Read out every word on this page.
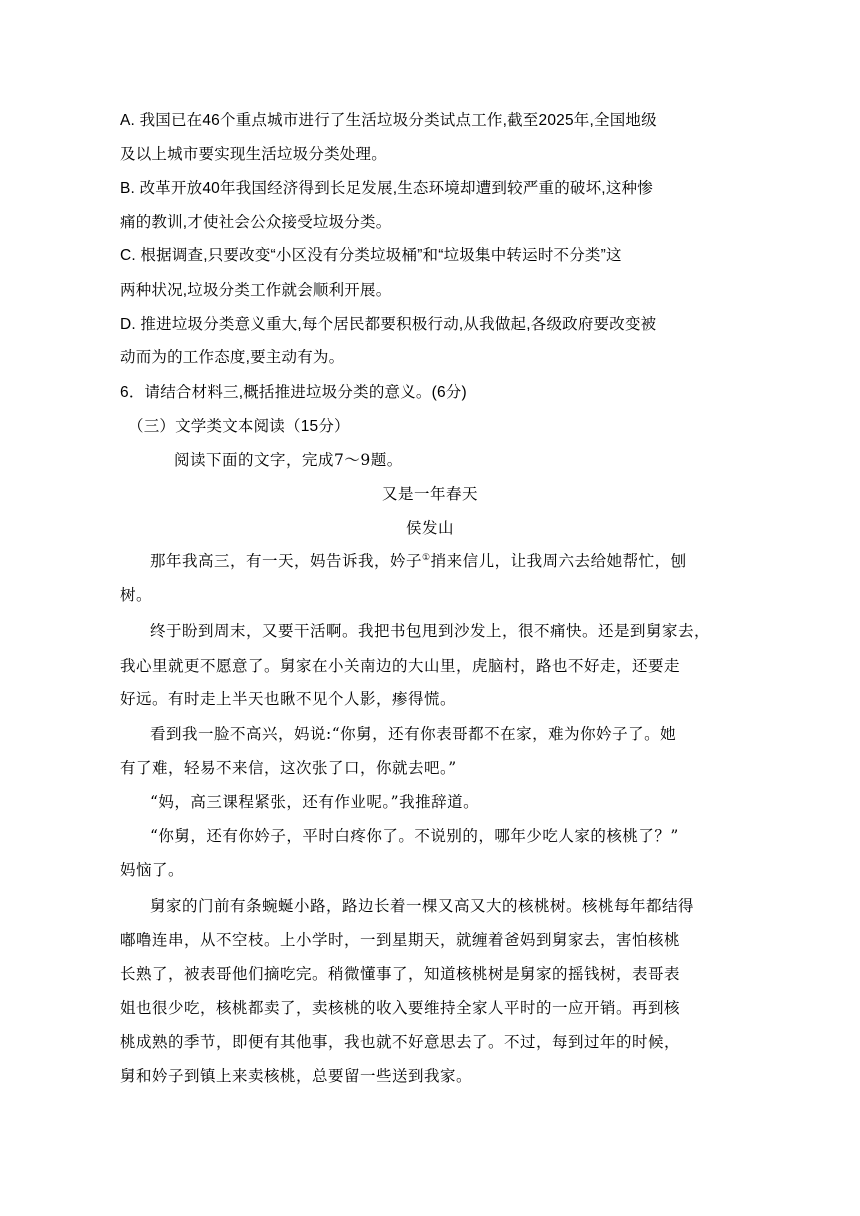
A. 我国已在46个重点城市进行了生活垃圾分类试点工作,截至2025年,全国地级
及以上城市要实现生活垃圾分类处理。
B. 改革开放40年我国经济得到长足发展,生态环境却遭到较严重的破坏,这种惨
痛的教训,才使社会公众接受垃圾分类。
C. 根据调查,只要改变“小区没有分类垃圾桶”和“垃圾集中转运时不分类”这
两种状况,垃圾分类工作就会顺利开展。
D. 推进垃圾分类意义重大,每个居民都要积极行动,从我做起,各级政府要改变被
动而为的工作态度,要主动有为。
6．请结合材料三,概括推进垃圾分类的意义。(6分)
（三）文学类文本阅读（15分）
阅读下面的文字，完成7～9题。
又是一年春天
侯发山
那年我高三，有一天，妈告诉我，妗子①捎来信儿，让我周六去给她帮忙，刨
树。
终于盼到周末，又要干活啊。我把书包甩到沙发上，很不痛快。还是到舅家去，
我心里就更不愿意了。舅家在小关南边的大山里，虎脑村，路也不好走，还要走
好远。有时走上半天也瞅不见个人影，瘆得慌。
看到我一脸不高兴，妈说:“你舅，还有你表哥都不在家，难为你妗子了。她
有了难，轻易不来信，这次张了口，你就去吧。”
“妈，高三课程紧张，还有作业呢。”我推辞道。
“你舅，还有你妗子，平时白疼你了。不说别的，哪年少吃人家的核桃了？”
妈恼了。
舅家的门前有条蜿蜒小路，路边长着一棵又高又大的核桃树。核桃每年都结得
嘟噜连串，从不空枝。上小学时，一到星期天，就缠着爸妈到舅家去，害怕核桃
长熟了，被表哥他们摘吃完。稍微懂事了，知道核桃树是舅家的摇钱树，表哥表
姐也很少吃，核桃都卖了，卖核桃的收入要维持全家人平时的一应开销。再到核
桃成熟的季节，即便有其他事，我也就不好意思去了。不过，每到过年的时候，
舅和妗子到镇上来卖核桃，总要留一些送到我家。
